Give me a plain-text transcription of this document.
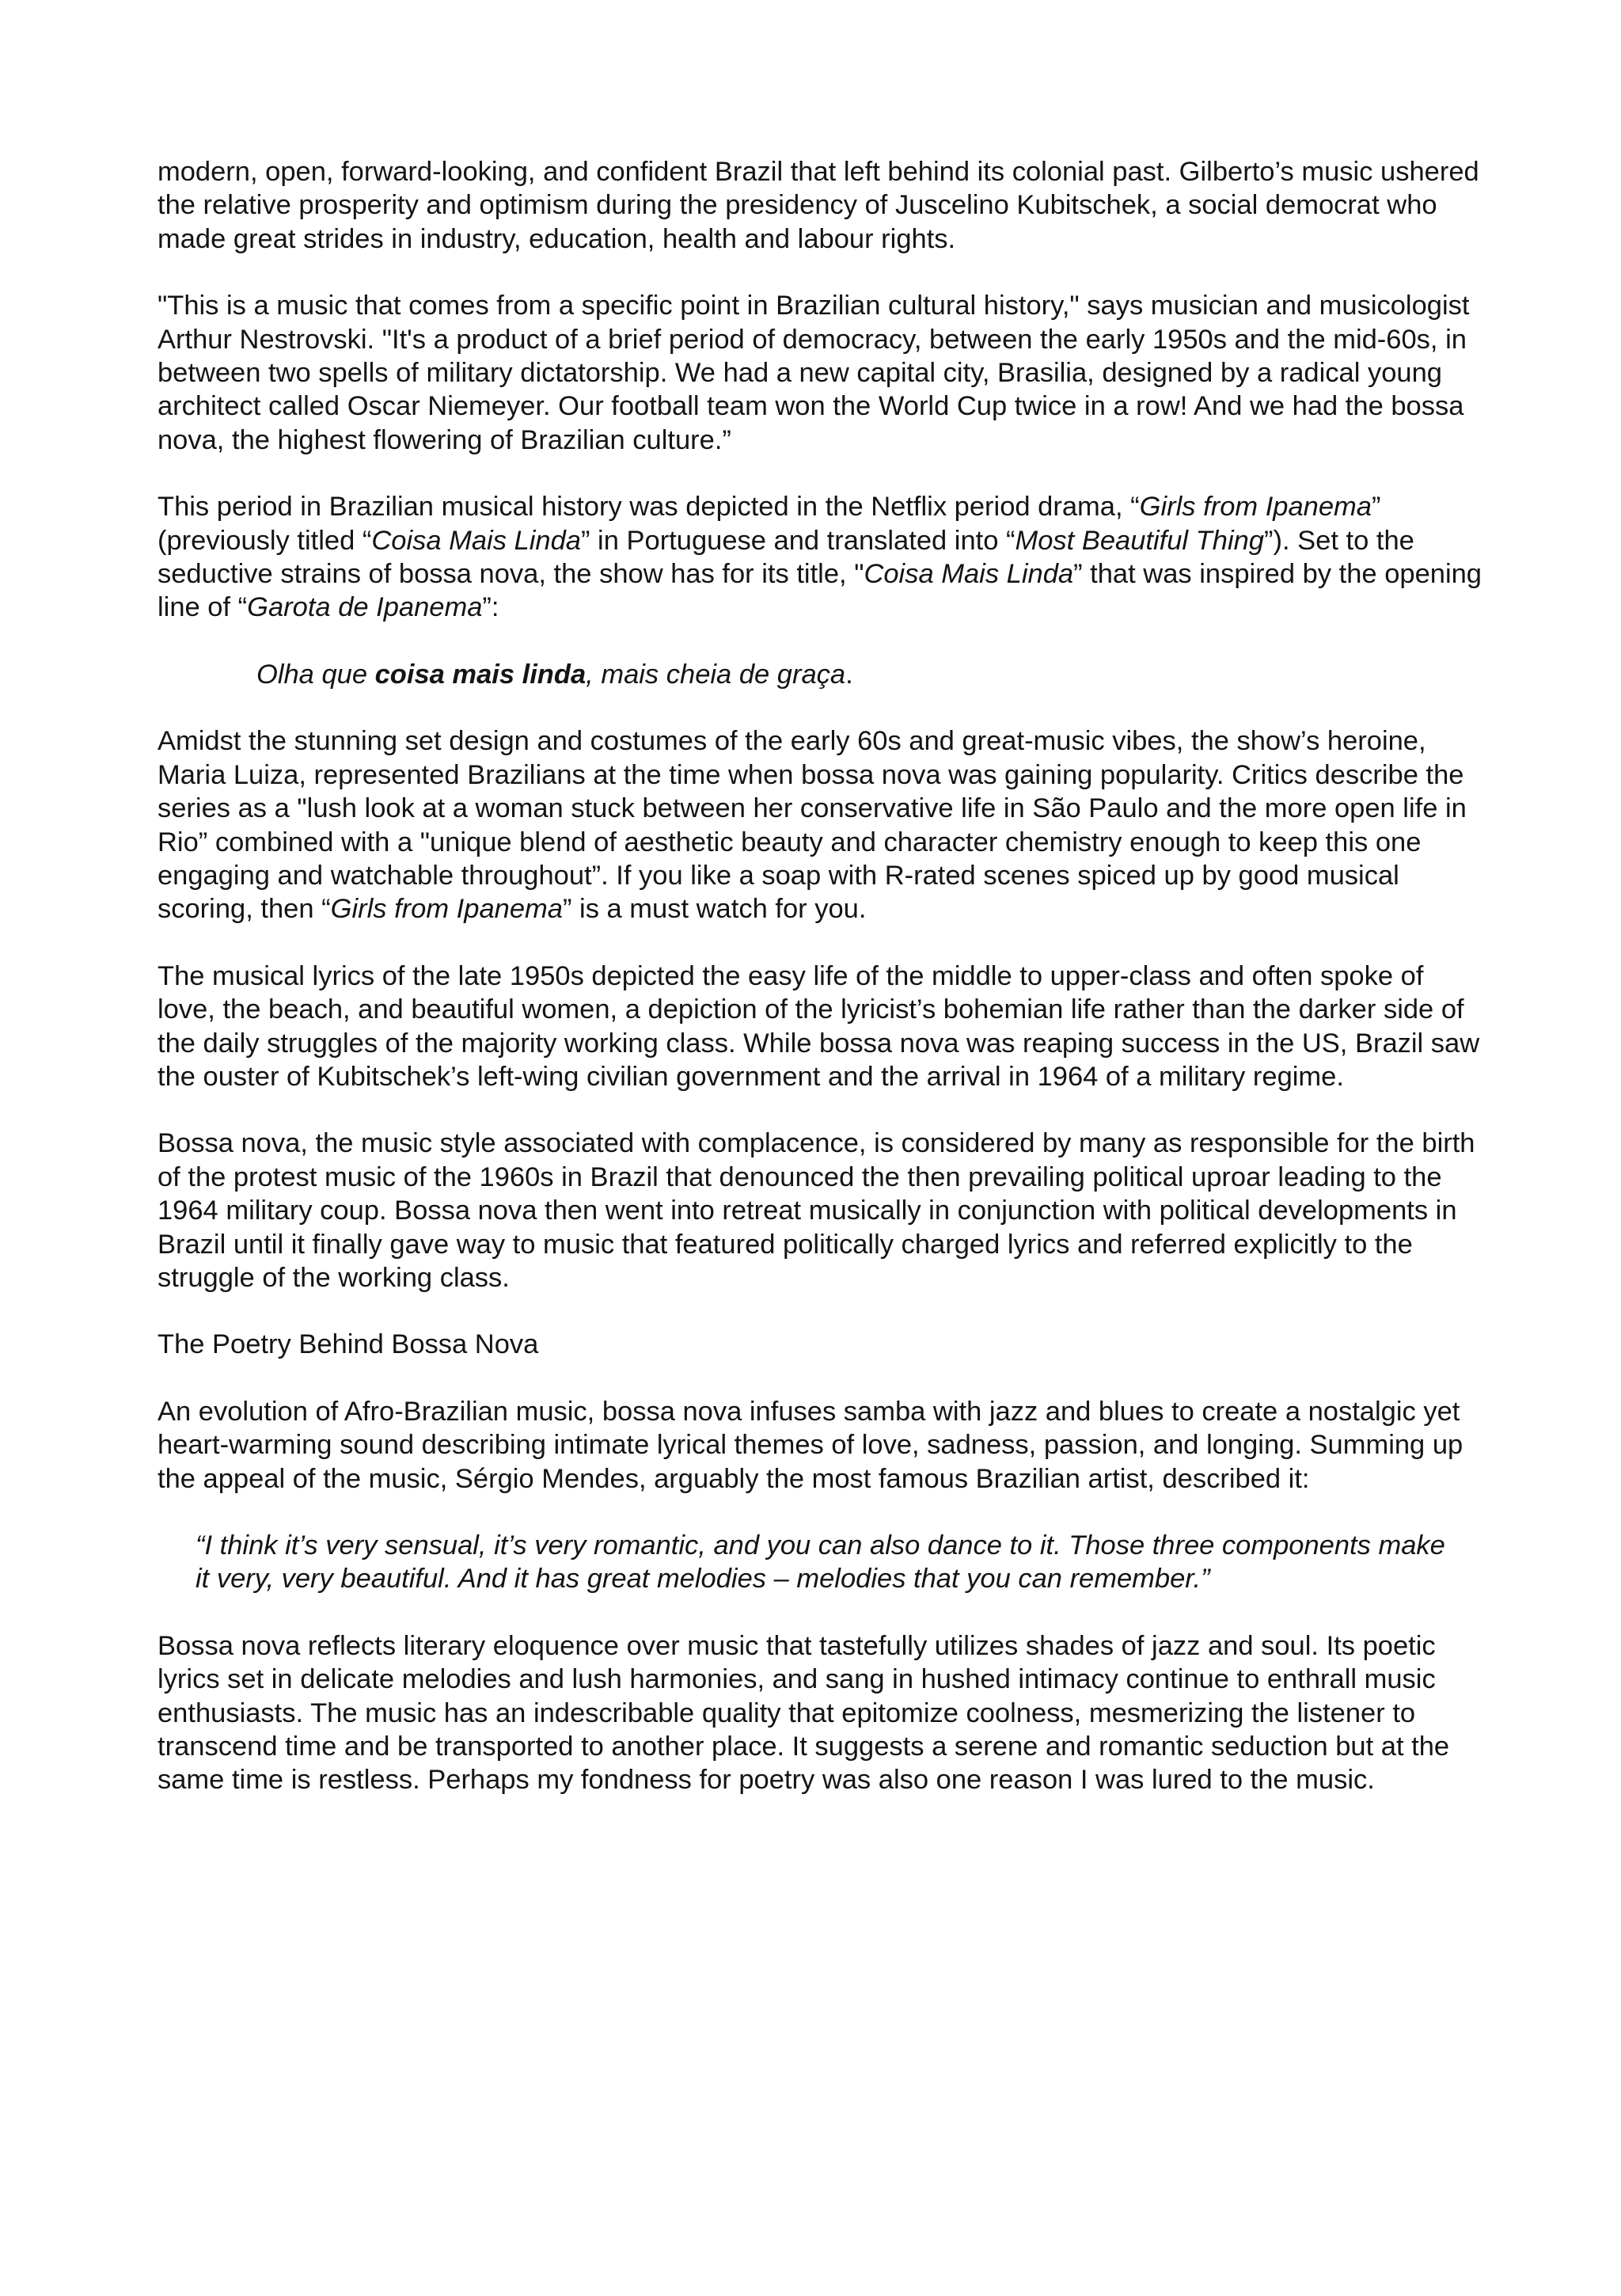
modern, open, forward-looking, and confident Brazil that left behind its colonial past. Gilberto’s music ushered the relative prosperity and optimism during the presidency of Juscelino Kubitschek, a social democrat who made great strides in industry, education, health and labour rights.

"This is a music that comes from a specific point in Brazilian cultural history," says musician and musicologist Arthur Nestrovski. "It's a product of a brief period of democracy, between the early 1950s and the mid-60s, in between two spells of military dictatorship. We had a new capital city, Brasilia, designed by a radical young architect called Oscar Niemeyer. Our football team won the World Cup twice in a row! And we had the bossa nova, the highest flowering of Brazilian culture.”

This period in Brazilian musical history was depicted in the Netflix period drama, “Girls from Ipanema” (previously titled “Coisa Mais Linda” in Portuguese and translated into “Most Beautiful Thing”). Set to the seductive strains of bossa nova, the show has for its title, "Coisa Mais Linda” that was inspired by the opening line of “Garota de Ipanema”:

Olha que coisa mais linda, mais cheia de graça.

Amidst the stunning set design and costumes of the early 60s and great-music vibes, the show’s heroine, Maria Luiza, represented Brazilians at the time when bossa nova was gaining popularity. Critics describe the series as a "lush look at a woman stuck between her conservative life in São Paulo and the more open life in Rio” combined with a "unique blend of aesthetic beauty and character chemistry enough to keep this one engaging and watchable throughout”. If you like a soap with R-rated scenes spiced up by good musical scoring, then “Girls from Ipanema” is a must watch for you.

The musical lyrics of the late 1950s depicted the easy life of the middle to upper-class and often spoke of love, the beach, and beautiful women, a depiction of the lyricist’s bohemian life rather than the darker side of the daily struggles of the majority working class. While bossa nova was reaping success in the US, Brazil saw the ouster of Kubitschek’s left-wing civilian government and the arrival in 1964 of a military regime.

Bossa nova, the music style associated with complacence, is considered by many as responsible for the birth of the protest music of the 1960s in Brazil that denounced the then prevailing political uproar leading to the 1964 military coup. Bossa nova then went into retreat musically in conjunction with political developments in Brazil until it finally gave way to music that featured politically charged lyrics and referred explicitly to the struggle of the working class.

The Poetry Behind Bossa Nova

An evolution of Afro-Brazilian music, bossa nova infuses samba with jazz and blues to create a nostalgic yet heart-warming sound describing intimate lyrical themes of love, sadness, passion, and longing. Summing up the appeal of the music, Sérgio Mendes, arguably the most famous Brazilian artist, described it:

“I think it’s very sensual, it’s very romantic, and you can also dance to it. Those three components make it very, very beautiful. And it has great melodies – melodies that you can remember.”

Bossa nova reflects literary eloquence over music that tastefully utilizes shades of jazz and soul. Its poetic lyrics set in delicate melodies and lush harmonies, and sang in hushed intimacy continue to enthrall music enthusiasts. The music has an indescribable quality that epitomize coolness, mesmerizing the listener to transcend time and be transported to another place. It suggests a serene and romantic seduction but at the same time is restless. Perhaps my fondness for poetry was also one reason I was lured to the music.
